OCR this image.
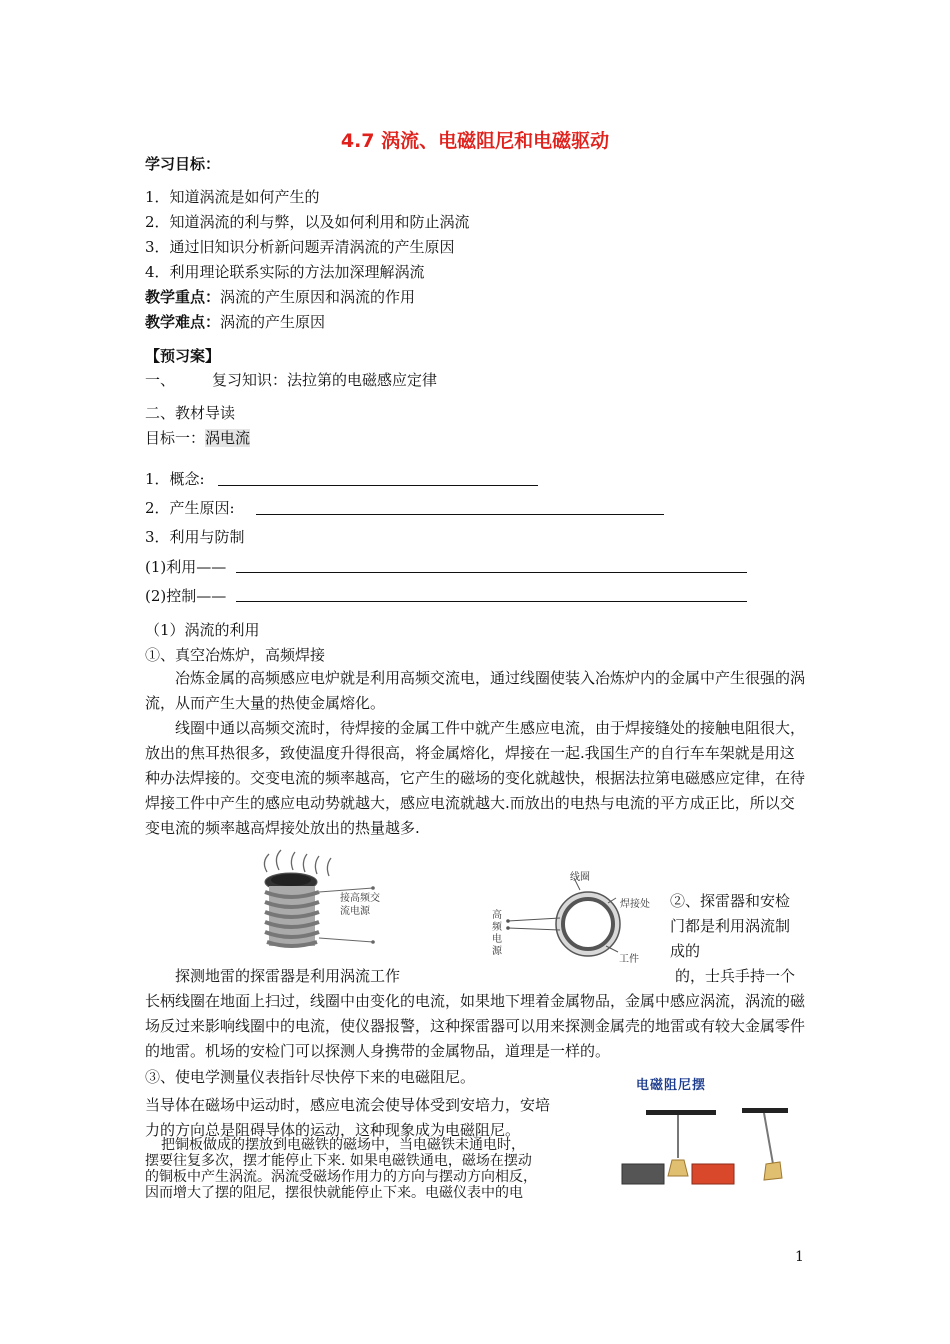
4.7 涡流、电磁阻尼和电磁驱动
学习目标：
1．知道涡流是如何产生的
2．知道涡流的利与弊，以及如何利用和防止涡流
3．通过旧知识分析新问题弄清涡流的产生原因
4．利用理论联系实际的方法加深理解涡流
教学重点：涡流的产生原因和涡流的作用
教学难点：涡流的产生原因
【预习案】
一、 复习知识：法拉第的电磁感应定律
二、教材导读
目标一：涡电流
1．概念:
2．产生原因:
3．利用与防制
(1)利用——
(2)控制——
（1）涡流的利用
①、真空冶炼炉，高频焊接
冶炼金属的高频感应电炉就是利用高频交流电，通过线圈使装入冶炼炉内的金属中产生很强的涡流，从而产生大量的热使金属熔化。
线圈中通以高频交流时，待焊接的金属工件中就产生感应电流，由于焊接缝处的接触电阻很大，放出的焦耳热很多，致使温度升得很高，将金属熔化，焊接在一起.我国生产的自行车车架就是用这种办法焊接的。交变电流的频率越高，它产生的磁场的变化就越快，根据法拉第电磁感应定律，在待焊接工件中产生的感应电动势就越大，感应电流就越大.而放出的电热与电流的平方成正比，所以交变电流的频率越高焊接处放出的热量越多.
接高频交
流电源
线圈
焊接处
工件
高
频
电
源
②、探雷器和安检
门都是利用涡流制
成的
探测地雷的探雷器是利用涡流工作	的，士兵手持一个
长柄线圈在地面上扫过，线圈中由变化的电流，如果地下埋着金属物品，金属中感应涡流，涡流的磁场反过来影响线圈中的电流，使仪器报警，这种探雷器可以用来探测金属壳的地雷或有较大金属零件的地雷。机场的安检门可以探测人身携带的金属物品，道理是一样的。
③、使电学测量仪表指针尽快停下来的电磁阻尼。
当导体在磁场中运动时，感应电流会使导体受到安培力，安培
力的方向总是阻碍导体的运动，这种现象成为电磁阻尼。
把铜板做成的摆放到电磁铁的磁场中，当电磁铁未通电时，
摆要往复多次，摆才能停止下来. 如果电磁铁通电，磁场在摆动
的铜板中产生涡流。涡流受磁场作用力的方向与摆动方向相反，
因而增大了摆的阻尼，摆很快就能停止下来。电磁仪表中的电
电磁阻尼摆
1
